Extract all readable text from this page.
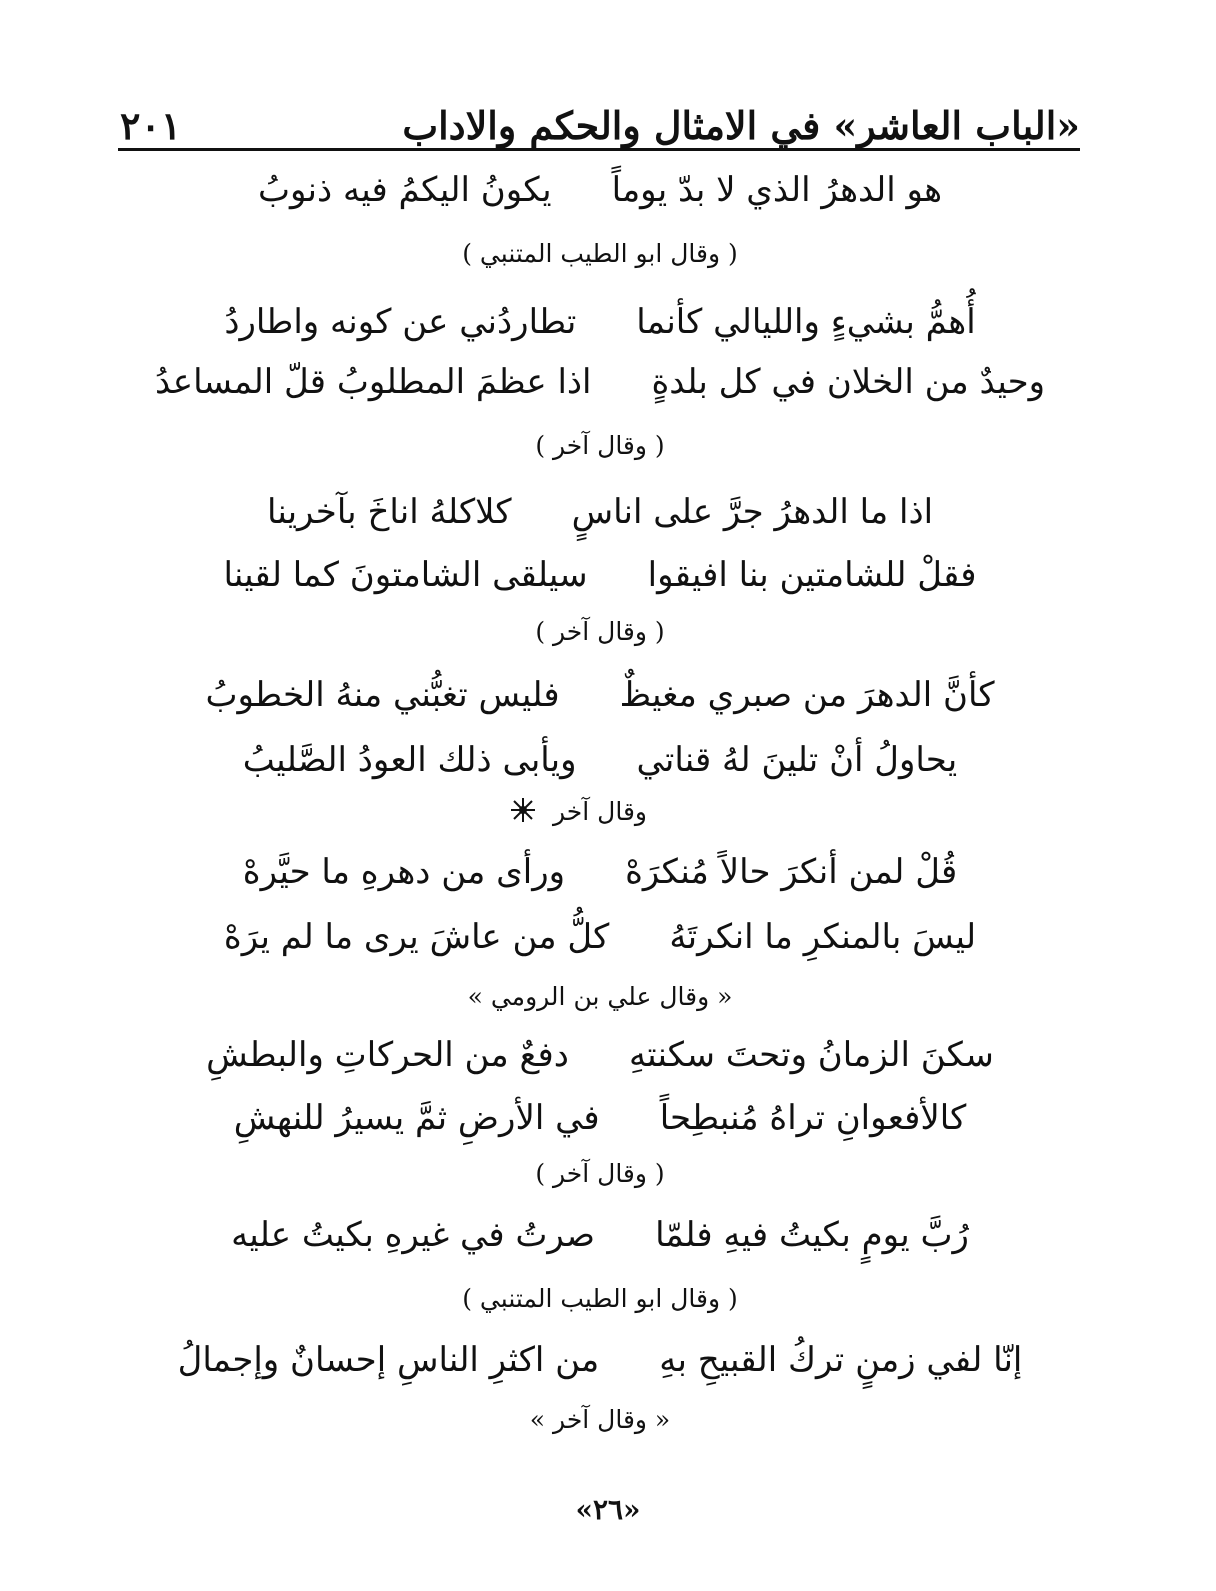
«الباب العاشر» في الامثال والحكم والاداب
٢٠١
هو الدهرُ الذي لا بدّ يوماً
يكونُ اليكمُ فيه ذنوبُ
( وقال ابو الطيب المتنبي )
أُهمُّ بشيءٍ والليالي كأنما
تطاردُني عن كونه واطاردُ
وحيدٌ من الخلان في كل بلدةٍ
اذا عظمَ المطلوبُ قلّ المساعدُ
( وقال آخر )
اذا ما الدهرُ جرَّ على اناسٍ
كلاكلهُ اناخَ بآخرينا
فقلْ للشامتين بنا افيقوا
سيلقى الشامتونَ كما لقينا
( وقال آخر )
كأنَّ الدهرَ من صبري مغيظٌ
فليس تغبُّني منهُ الخطوبُ
يحاولُ أنْ تلينَ لهُ قناتي
ويأبى ذلك العودُ الصَّليبُ
وقال آخر
قُلْ لمن أنكرَ حالاً مُنكرَهْ
ورأى من دهرهِ ما حيَّرهْ
ليسَ بالمنكرِ ما انكرتَهُ
كلُّ من عاشَ يرى ما لم يرَهْ
« وقال علي بن الرومي »
سكنَ الزمانُ وتحتَ سكنتهِ
دفعٌ من الحركاتِ والبطشِ
كالأفعوانِ تراهُ مُنبطِحاً
في الأرضِ ثمَّ يسيرُ للنهشِ
( وقال آخر )
رُبَّ يومٍ بكيتُ فيهِ فلمّا
صرتُ في غيرهِ بكيتُ عليه
( وقال ابو الطيب المتنبي )
إنّا لفي زمنٍ تركُ القبيحِ بهِ
من اكثرِ الناسِ إحسانٌ وإجمالُ
« وقال آخر »
«٢٦»
